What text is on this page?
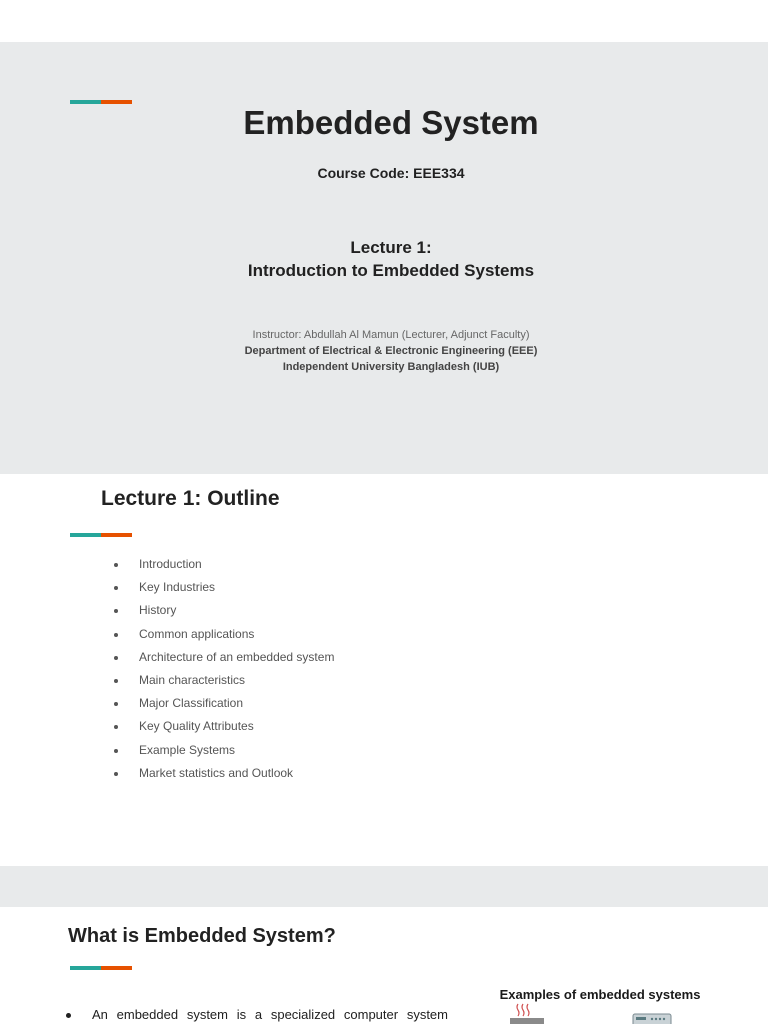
Embedded System
Course Code: EEE334
Lecture 1:
Introduction to Embedded Systems
Instructor: Abdullah Al Mamun (Lecturer, Adjunct Faculty)
Department of Electrical & Electronic Engineering (EEE)
Independent University Bangladesh (IUB)
Lecture 1: Outline
Introduction
Key Industries
History
Common applications
Architecture of an embedded system
Main characteristics
Major Classification
Key Quality Attributes
Example Systems
Market statistics and Outlook
What is Embedded System?
An embedded system is a specialized computer system
Examples of embedded systems
